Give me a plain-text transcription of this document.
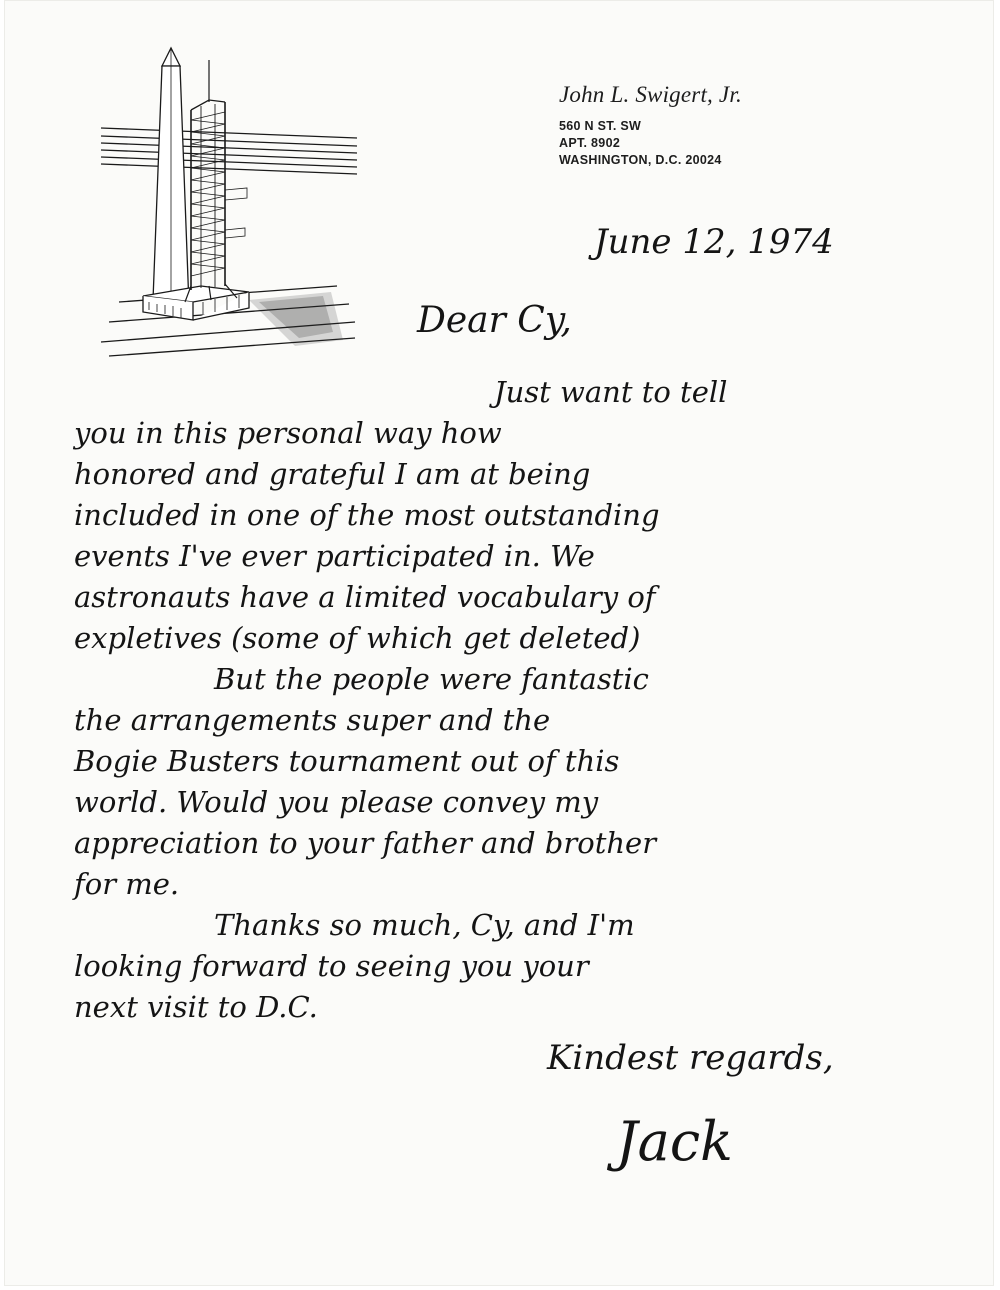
John L. Swigert, Jr.
560 N ST. SW
APT. 8902
WASHINGTON, D.C. 20024
June 12, 1974
Dear Cy,
Just want to tell
you in this personal way how
honored and grateful I am at being
included in one of the most outstanding
events I've ever participated in. We
astronauts have a limited vocabulary of
expletives (some of which get deleted)
But the people were fantastic
the arrangements super and the
Bogie Busters tournament out of this
world. Would you please convey my
appreciation to your father and brother
for me.
Thanks so much, Cy, and I'm
looking forward to seeing you your
next visit to D.C.
Kindest regards,
Jack
